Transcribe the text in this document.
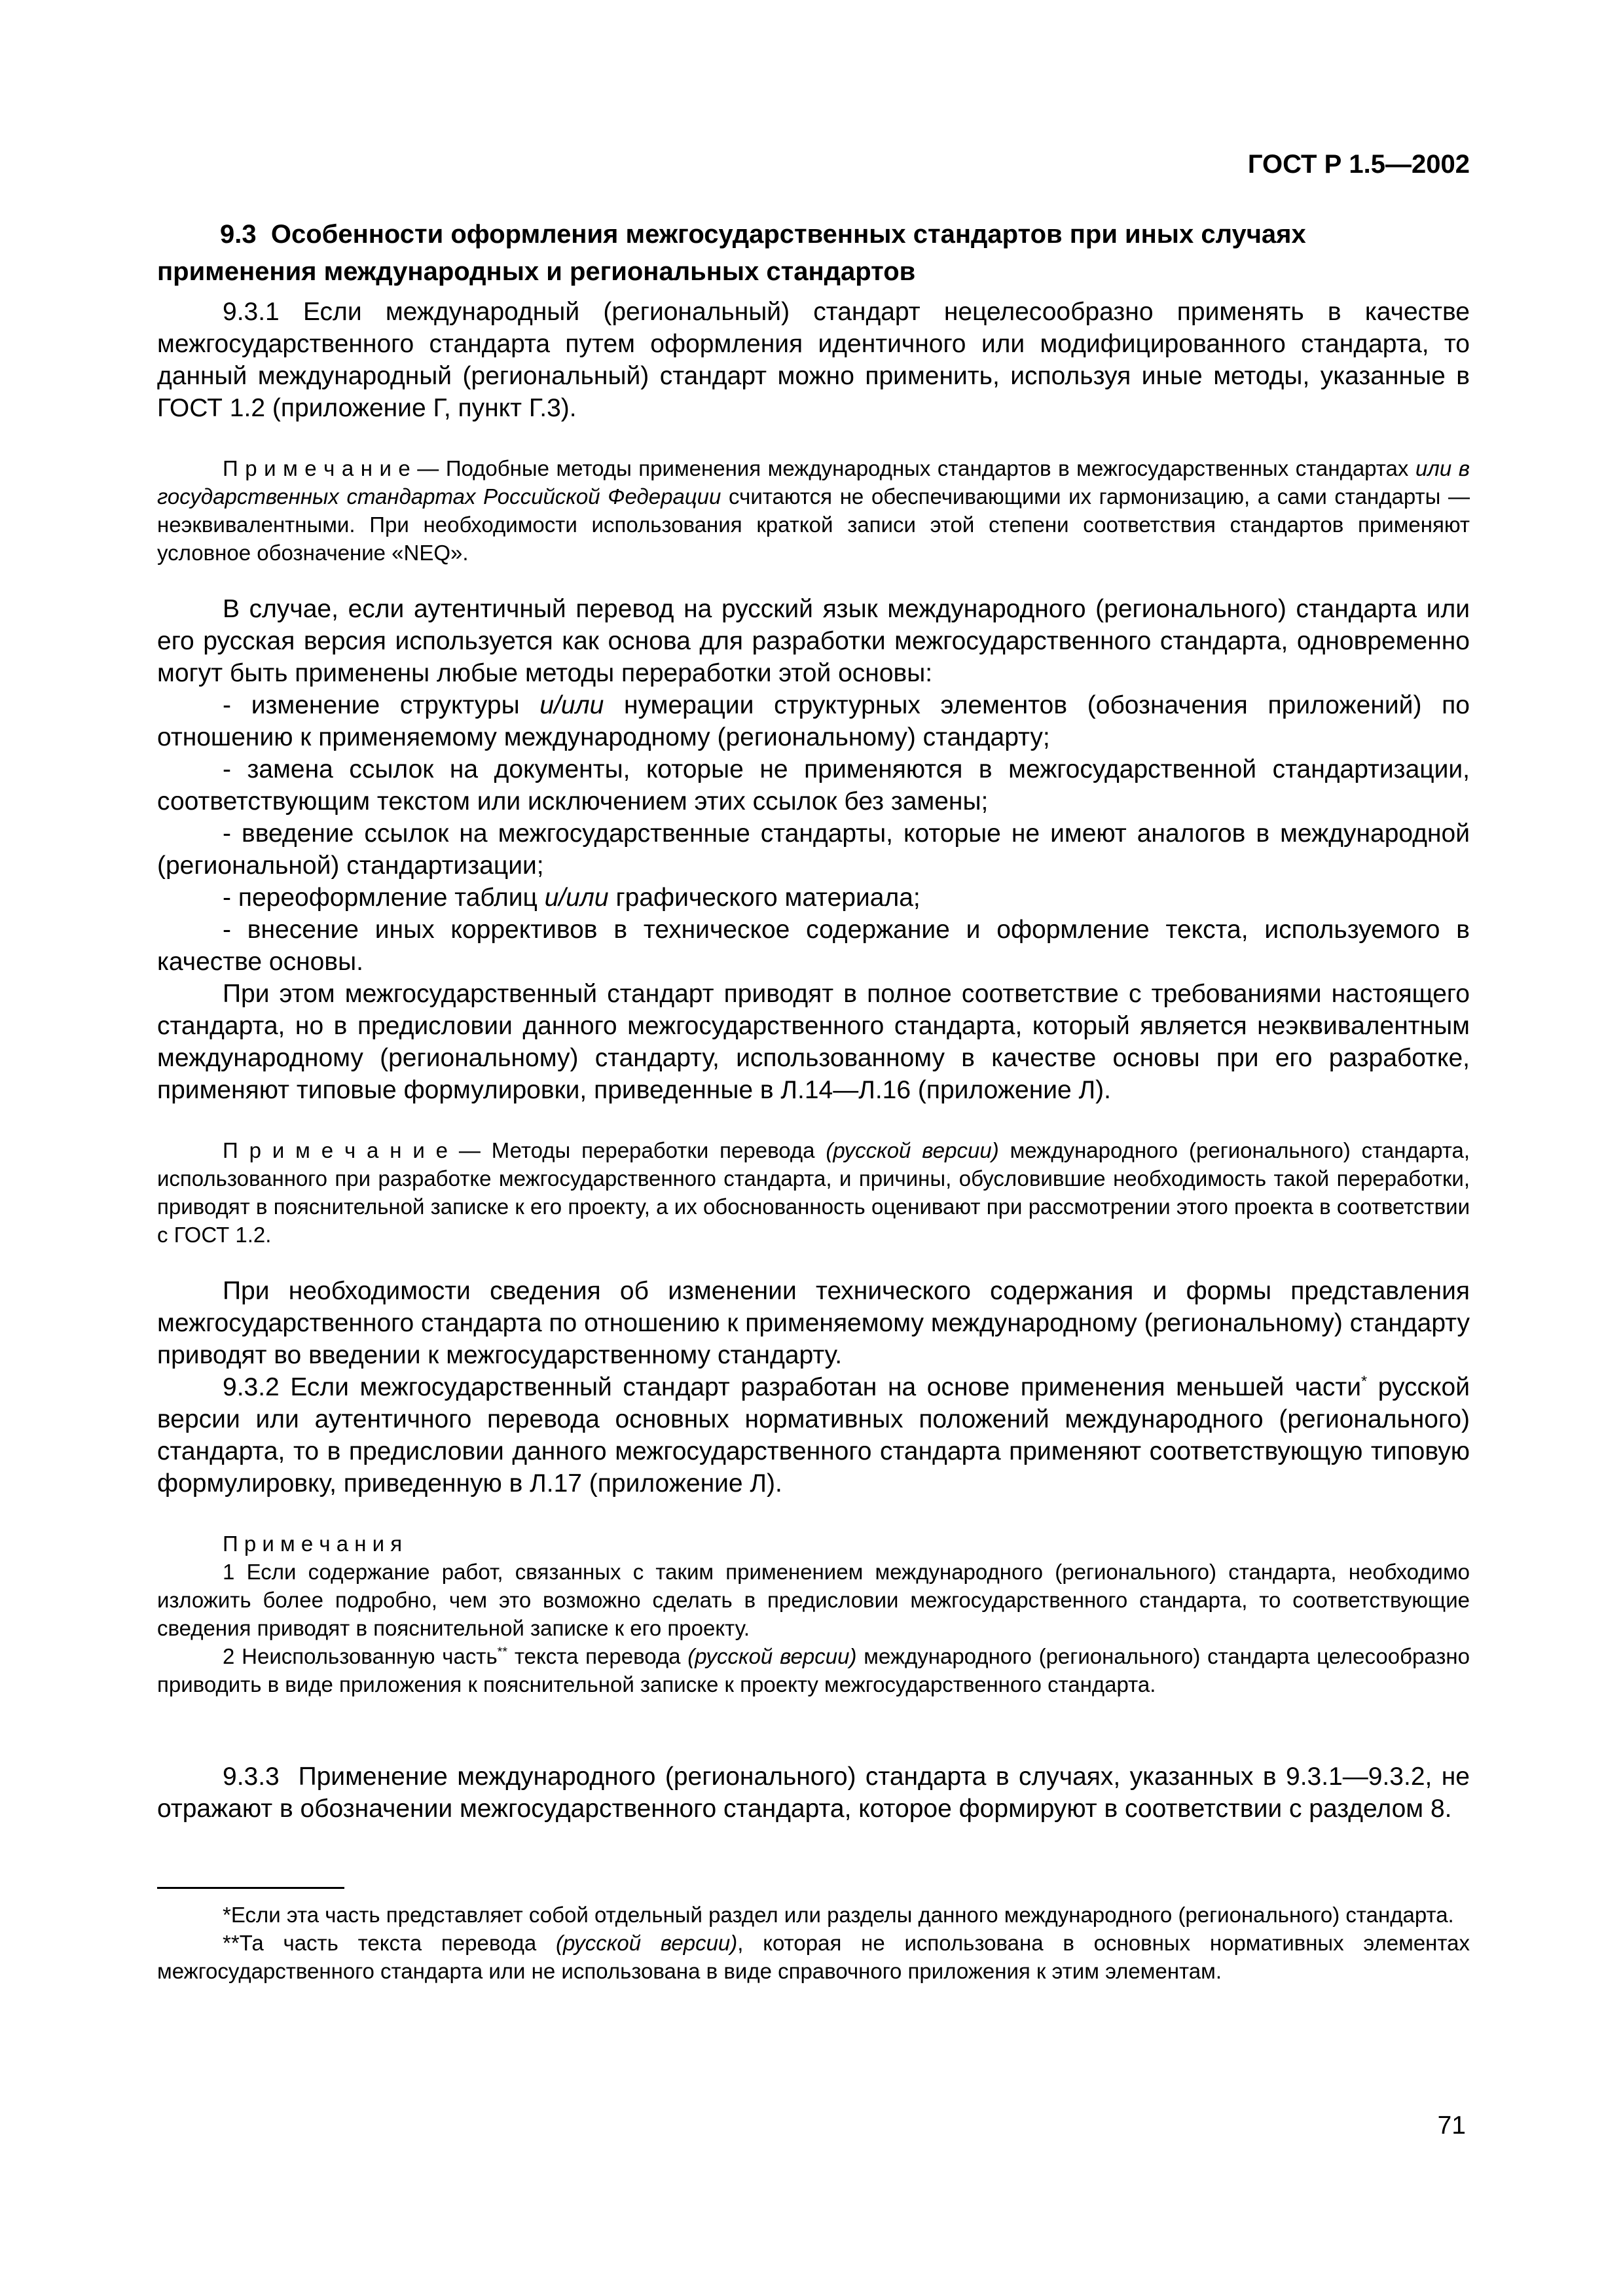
ГОСТ Р 1.5—2002

9.3  Особенности оформления межгосударственных стандартов при иных случаях применения международных и региональных стандартов

9.3.1 Если международный (региональный) стандарт нецелесообразно применять в качестве межгосударственного стандарта путем оформления идентичного или модифицированного стандарта, то данный международный (региональный) стандарт можно применить, используя иные методы, указанные в ГОСТ 1.2 (приложение Г, пункт Г.3).

П р и м е ч а н и е — Подобные методы применения международных стандартов в межгосударственных стандартах или в государственных стандартах Российской Федерации считаются не обеспечивающими их гармонизацию, а сами стандарты — неэквивалентными. При необходимости использования краткой записи этой степени соответствия стандартов применяют условное обозначение «NEQ».

В случае, если аутентичный перевод на русский язык международного (регионального) стандарта или его русская версия используется как основа для разработки межгосударственного стандарта, одновременно могут быть применены любые методы переработки этой основы:

- изменение структуры и/или нумерации структурных элементов (обозначения приложений) по отношению к применяемому международному (региональному) стандарту;

- замена ссылок на документы, которые не применяются в межгосударственной стандартизации, соответствующим текстом или исключением этих ссылок без замены;

- введение ссылок на межгосударственные стандарты, которые не имеют аналогов в международной (региональной) стандартизации;

- переоформление таблиц и/или графического материала;

- внесение иных коррективов в техническое содержание и оформление текста, используемого в качестве основы.

При этом межгосударственный стандарт приводят в полное соответствие с требованиями настоящего стандарта, но в предисловии данного межгосударственного стандарта, который является неэквивалентным международному (региональному) стандарту, использованному в качестве основы при его разработке, применяют типовые формулировки, приведенные в Л.14—Л.16 (приложение Л).

П р и м е ч а н и е — Методы переработки перевода (русской версии) международного (регионального) стандарта, использованного при разработке межгосударственного стандарта, и причины, обусловившие необходимость такой переработки, приводят в пояснительной записке к его проекту, а их обоснованность оценивают при рассмотрении этого проекта в соответствии с ГОСТ 1.2.

При необходимости сведения об изменении технического содержания и формы представления межгосударственного стандарта по отношению к применяемому международному (региональному) стандарту приводят во введении к межгосударственному стандарту.

9.3.2 Если межгосударственный стандарт разработан на основе применения меньшей части* русской версии или аутентичного перевода основных нормативных положений международного (регионального) стандарта, то в предисловии данного межгосударственного стандарта применяют соответствующую типовую формулировку, приведенную в Л.17 (приложение Л).

П р и м е ч а н и я

1 Если содержание работ, связанных с таким применением международного (регионального) стандарта, необходимо изложить более подробно, чем это возможно сделать в предисловии межгосударственного стандарта, то соответствующие сведения приводят в пояснительной записке к его проекту.

2 Неиспользованную часть** текста перевода (русской версии) международного (регионального) стандарта целесообразно приводить в виде приложения к пояснительной записке к проекту межгосударственного стандарта.

9.3.3  Применение международного (регионального) стандарта в случаях, указанных в 9.3.1—9.3.2, не отражают в обозначении межгосударственного стандарта, которое формируют в соответствии с разделом 8.

*Если эта часть представляет собой отдельный раздел или разделы данного международного (регионального) стандарта.

**Та часть текста перевода (русской версии), которая не использована в основных нормативных элементах межгосударственного стандарта или не использована в виде справочного приложения к этим элементам.

71
